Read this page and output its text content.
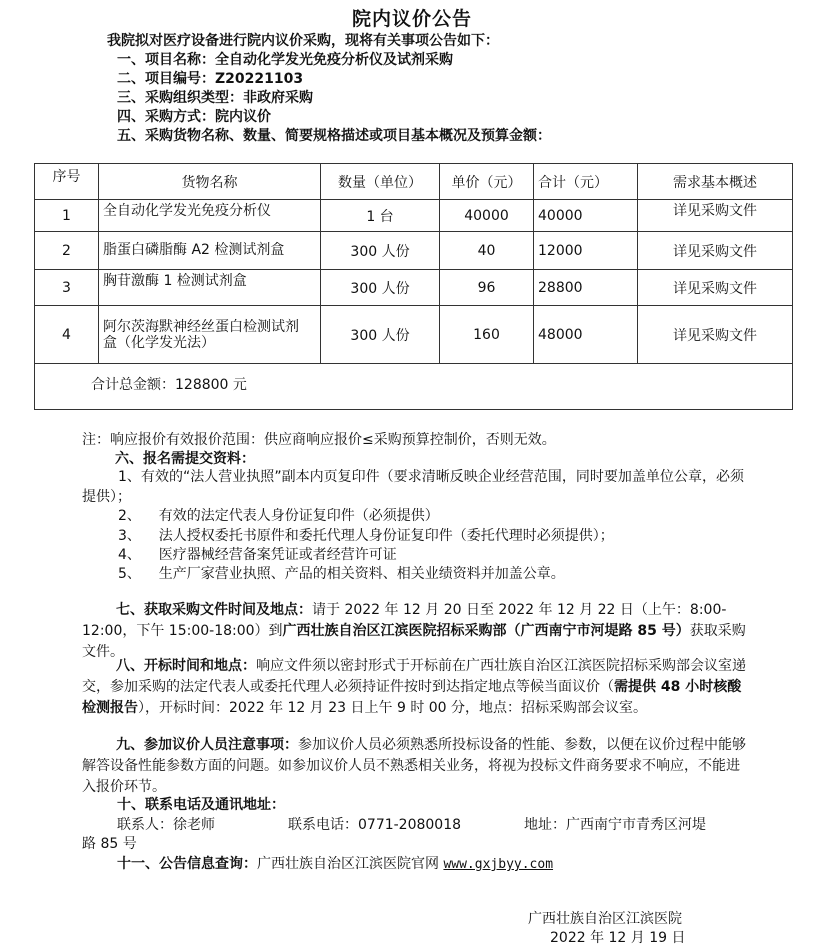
院内议价公告
我院拟对医疗设备进行院内议价采购，现将有关事项公告如下：
一、项目名称：全自动化学发光免疫分析仪及试剂采购
二、项目编号：Z20221103
三、采购组织类型：非政府采购
四、采购方式：院内议价
五、采购货物名称、数量、简要规格描述或项目基本概况及预算金额：
序号	货物名称	数量（单位）	单价（元）	合计（元）	需求基本概述
1	全自动化学发光免疫分析仪	1 台	40000	40000	详见采购文件
2	脂蛋白磷脂酶 A2 检测试剂盒	300 人份	40	12000	详见采购文件
3	胸苷激酶 1 检测试剂盒	300 人份	96	28800	详见采购文件
4	阿尔茨海默神经丝蛋白检测试剂盒（化学发光法）	300 人份	160	48000	详见采购文件
合计总金额：128800 元					
注：响应报价有效报价范围：供应商响应报价≤采购预算控制价，否则无效。
六、报名需提交资料：
1、有效的“法人营业执照”副本内页复印件（要求清晰反映企业经营范围，同时要加盖单位公章，必须提供）；
2、    有效的法定代表人身份证复印件（必须提供）
3、    法人授权委托书原件和委托代理人身份证复印件（委托代理时必须提供）；
4、    医疗器械经营备案凭证或者经营许可证
5、    生产厂家营业执照、产品的相关资料、相关业绩资料并加盖公章。
七、获取采购文件时间及地点：请于 2022 年 12 月 20 日至 2022 年 12 月 22 日（上午：8:00-12:00，下午 15:00-18:00）到广西壮族自治区江滨医院招标采购部（广西南宁市河堤路 85 号）获取采购文件。
八、开标时间和地点：响应文件须以密封形式于开标前在广西壮族自治区江滨医院招标采购部会议室递交，参加采购的法定代表人或委托代理人必须持证件按时到达指定地点等候当面议价（需提供 48 小时核酸检测报告），开标时间：2022 年 12 月 23 日上午 9 时 00 分，地点：招标采购部会议室。
九、参加议价人员注意事项：参加议价人员必须熟悉所投标设备的性能、参数，以便在议价过程中能够解答设备性能参数方面的问题。如参加议价人员不熟悉相关业务，将视为投标文件商务要求不响应，不能进入报价环节。
十、联系电话及通讯地址：
联系人：徐老师	联系电话：0771-2080018	地址：广西南宁市青秀区河堤
路 85 号
十一、公告信息查询：广西壮族自治区江滨医院官网 www.gxjbyy.com
广西壮族自治区江滨医院
2022 年 12 月 19 日
